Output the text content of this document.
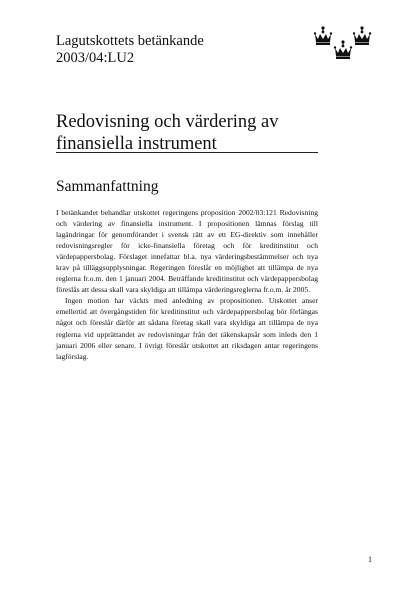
Lagutskottets betänkande
2003/04:LU2
Redovisning och värdering av finansiella instrument
Sammanfattning

I betänkandet behandlar utskottet regeringens proposition 2002/03:121 Redovisning och värdering av finansiella instrument. I propositionen lämnas förslag till lagändringar för genomförandet i svensk rätt av ett EG-direktiv som innehåller redovisningsregler för icke-finansiella företag och för kreditinstitut och värdepappersbolag. Förslaget innefattar bl.a. nya värderingsbestämmelser och nya krav på tilläggsupplysningar. Regeringen föreslår en möjlighet att tillämpa de nya reglerna fr.o.m. den 1 januari 2004. Beträffande kreditinstitut och värdepappersbolag föreslås att dessa skall vara skyldiga att tillämpa värderingsreglerna fr.o.m. år 2005.

Ingen motion har väckts med anledning av propositionen. Utskottet anser emellertid att övergångstiden för kreditinstitut och värdepappersbolag bör förlängas något och föreslår därför att sådana företag skall vara skyldiga att tillämpa de nya reglerna vid upprättandet av redovisningar från det räkenskapsår som inleds den 1 januari 2006 eller senare. I övrigt föreslår utskottet att riksdagen antar regeringens lagförslag.

1
